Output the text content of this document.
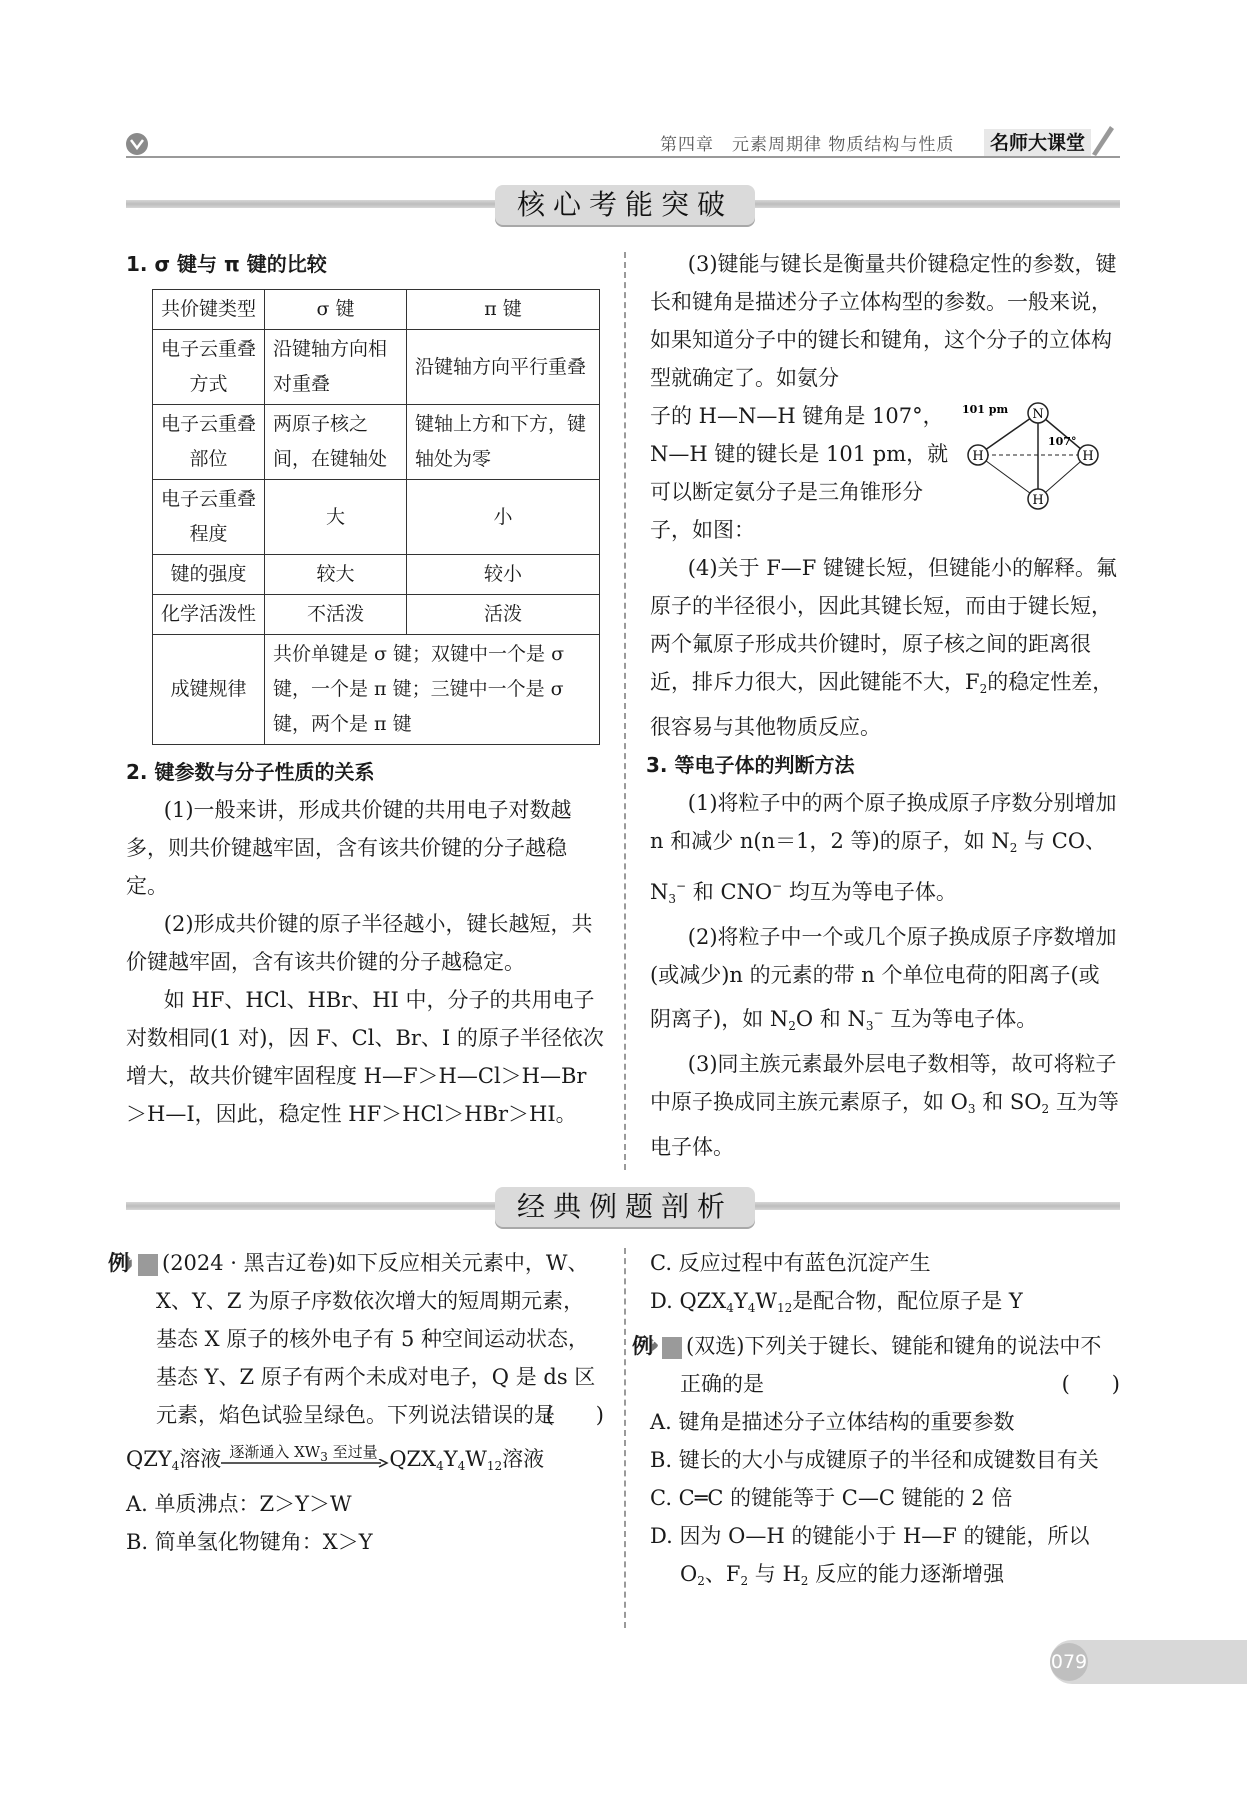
第四章　元素周期律 物质结构与性质	名师大课堂
核心考能突破

1. σ 键与 π 键的比较

共价键类型	σ 键	π 键
电子云重叠方式	沿键轴方向相对重叠	沿键轴方向平行重叠
电子云重叠部位	两原子核之间，在键轴处	键轴上方和下方，键轴处为零
电子云重叠程度	大	小
键的强度	较大	较小
化学活泼性	不活泼	活泼
成键规律	共价单键是 σ 键；双键中一个是 σ 键，一个是 π 键；三键中一个是 σ 键，两个是 π 键	

2. 键参数与分子性质的关系

(1)一般来讲，形成共价键的共用电子对数越多，则共价键越牢固，含有该共价键的分子越稳定。

(2)形成共价键的原子半径越小，键长越短，共价键越牢固，含有该共价键的分子越稳定。

如 HF、HCl、HBr、HI 中，分子的共用电子对数相同(1 对)，因 F、Cl、Br、I 的原子半径依次增大，故共价键牢固程度 H—F＞H—Cl＞H—Br＞H—I，因此，稳定性 HF＞HCl＞HBr＞HI。

(3)键能与键长是衡量共价键稳定性的参数，键长和键角是描述分子立体构型的参数。一般来说，如果知道分子中的键长和键角，这个分子的立体构型就确定了。如氨分

子的 H—N—H 键角是 107°，N—H 键的键长是 101 pm，就可以断定氨分子是三角锥形分子，如图：

N
H	H
H
101 pm
107°

(4)关于 F—F 键键长短，但键能小的解释。氟原子的半径很小，因此其键长短，而由于键长短，两个氟原子形成共价键时，原子核之间的距离很近，排斥力很大，因此键能不大，$F_2$的稳定性差，很容易与其他物质反应。

3. 等电子体的判断方法

(1)将粒子中的两个原子换成原子序数分别增加 n 和减少 n(n＝1，2 等)的原子，如 $N_2$ 与 CO、$N_3^-$ 和 CNO− 均互为等电子体。

(2)将粒子中一个或几个原子换成原子序数增加(或减少)n 的元素的带 n 个单位电荷的阳离子(或阴离子)，如 $N_2O$ 和 $N_3^-$ 互为等电子体。

(3)同主族元素最外层电子数相等，故可将粒子中原子换成同主族元素原子，如 $O_3$ 和 $SO_2$ 互为等电子体。

经典例题剖析

例1 (2024 · 黑吉辽卷)如下反应相关元素中，W、X、Y、Z 为原子序数依次增大的短周期元素，基态 X 原子的核外电子有 5 种空间运动状态，基态 Y、Z 原子有两个未成对电子，Q 是 ds 区元素，焰色试验呈绿色。下列说法错误的是
(　　)

$QZY_4$溶液 逐渐通入 $XW_3$ 至过量 $QZX_4Y_4W_{12}$溶液

A. 单质沸点：Z＞Y＞W

B. 简单氢化物键角：X＞Y

C. 反应过程中有蓝色沉淀产生

D. $QZX_4Y_4W_{12}$是配合物，配位原子是 Y

例2 (双选)下列关于键长、键能和键角的说法中不正确的是	(　　)

A. 键角是描述分子立体结构的重要参数

B. 键长的大小与成键原子的半径和成键数目有关

C. C═C 的键能等于 C—C 键能的 2 倍

D. 因为 O—H 的键能小于 H—F 的键能，所以 $O_2$、$F_2$ 与 $H_2$ 反应的能力逐渐增强

079
